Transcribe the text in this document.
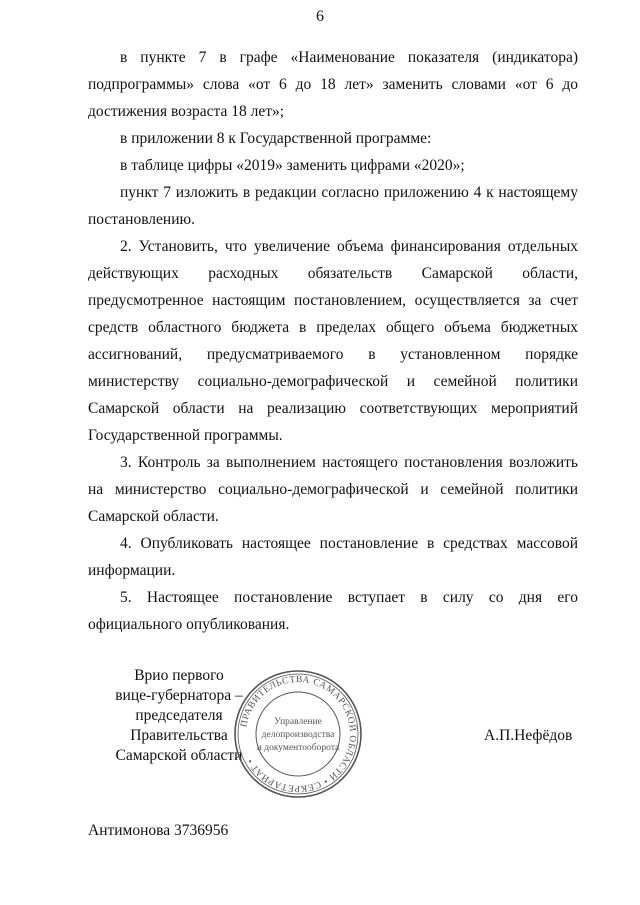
6

в пункте 7 в графе «Наименование показателя (индикатора) подпрограммы» слова «от 6 до 18 лет» заменить словами «от 6 до достижения возраста 18 лет»;

в приложении 8 к Государственной программе:

в таблице цифры «2019» заменить цифрами «2020»;

пункт 7 изложить в редакции согласно приложению 4 к настоящему постановлению.

2. Установить, что увеличение объема финансирования отдельных действующих расходных обязательств Самарской области, предусмотренное настоящим постановлением, осуществляется за счет средств областного бюджета в пределах общего объема бюджетных ассигнований, предусматриваемого в установленном порядке министерству социально-демографической и семейной политики Самарской области на реализацию соответствующих мероприятий Государственной программы.

3. Контроль за выполнением настоящего постановления возложить на министерство социально-демографической и семейной политики Самарской области.

4. Опубликовать настоящее постановление в средствах массовой информации.

5. Настоящее постановление вступает в силу со дня его официального опубликования.

Врио первого
вице-губернатора –
председателя Правительства
Самарской области
ПРАВИТЕЛЬСТВА САМАРСКОЙ ОБЛАСТИ • СЕКРЕТАРИАТ •
Управление
делопроизводства
и документооборота
А.П.Нефёдов
Антимонова 3736956
